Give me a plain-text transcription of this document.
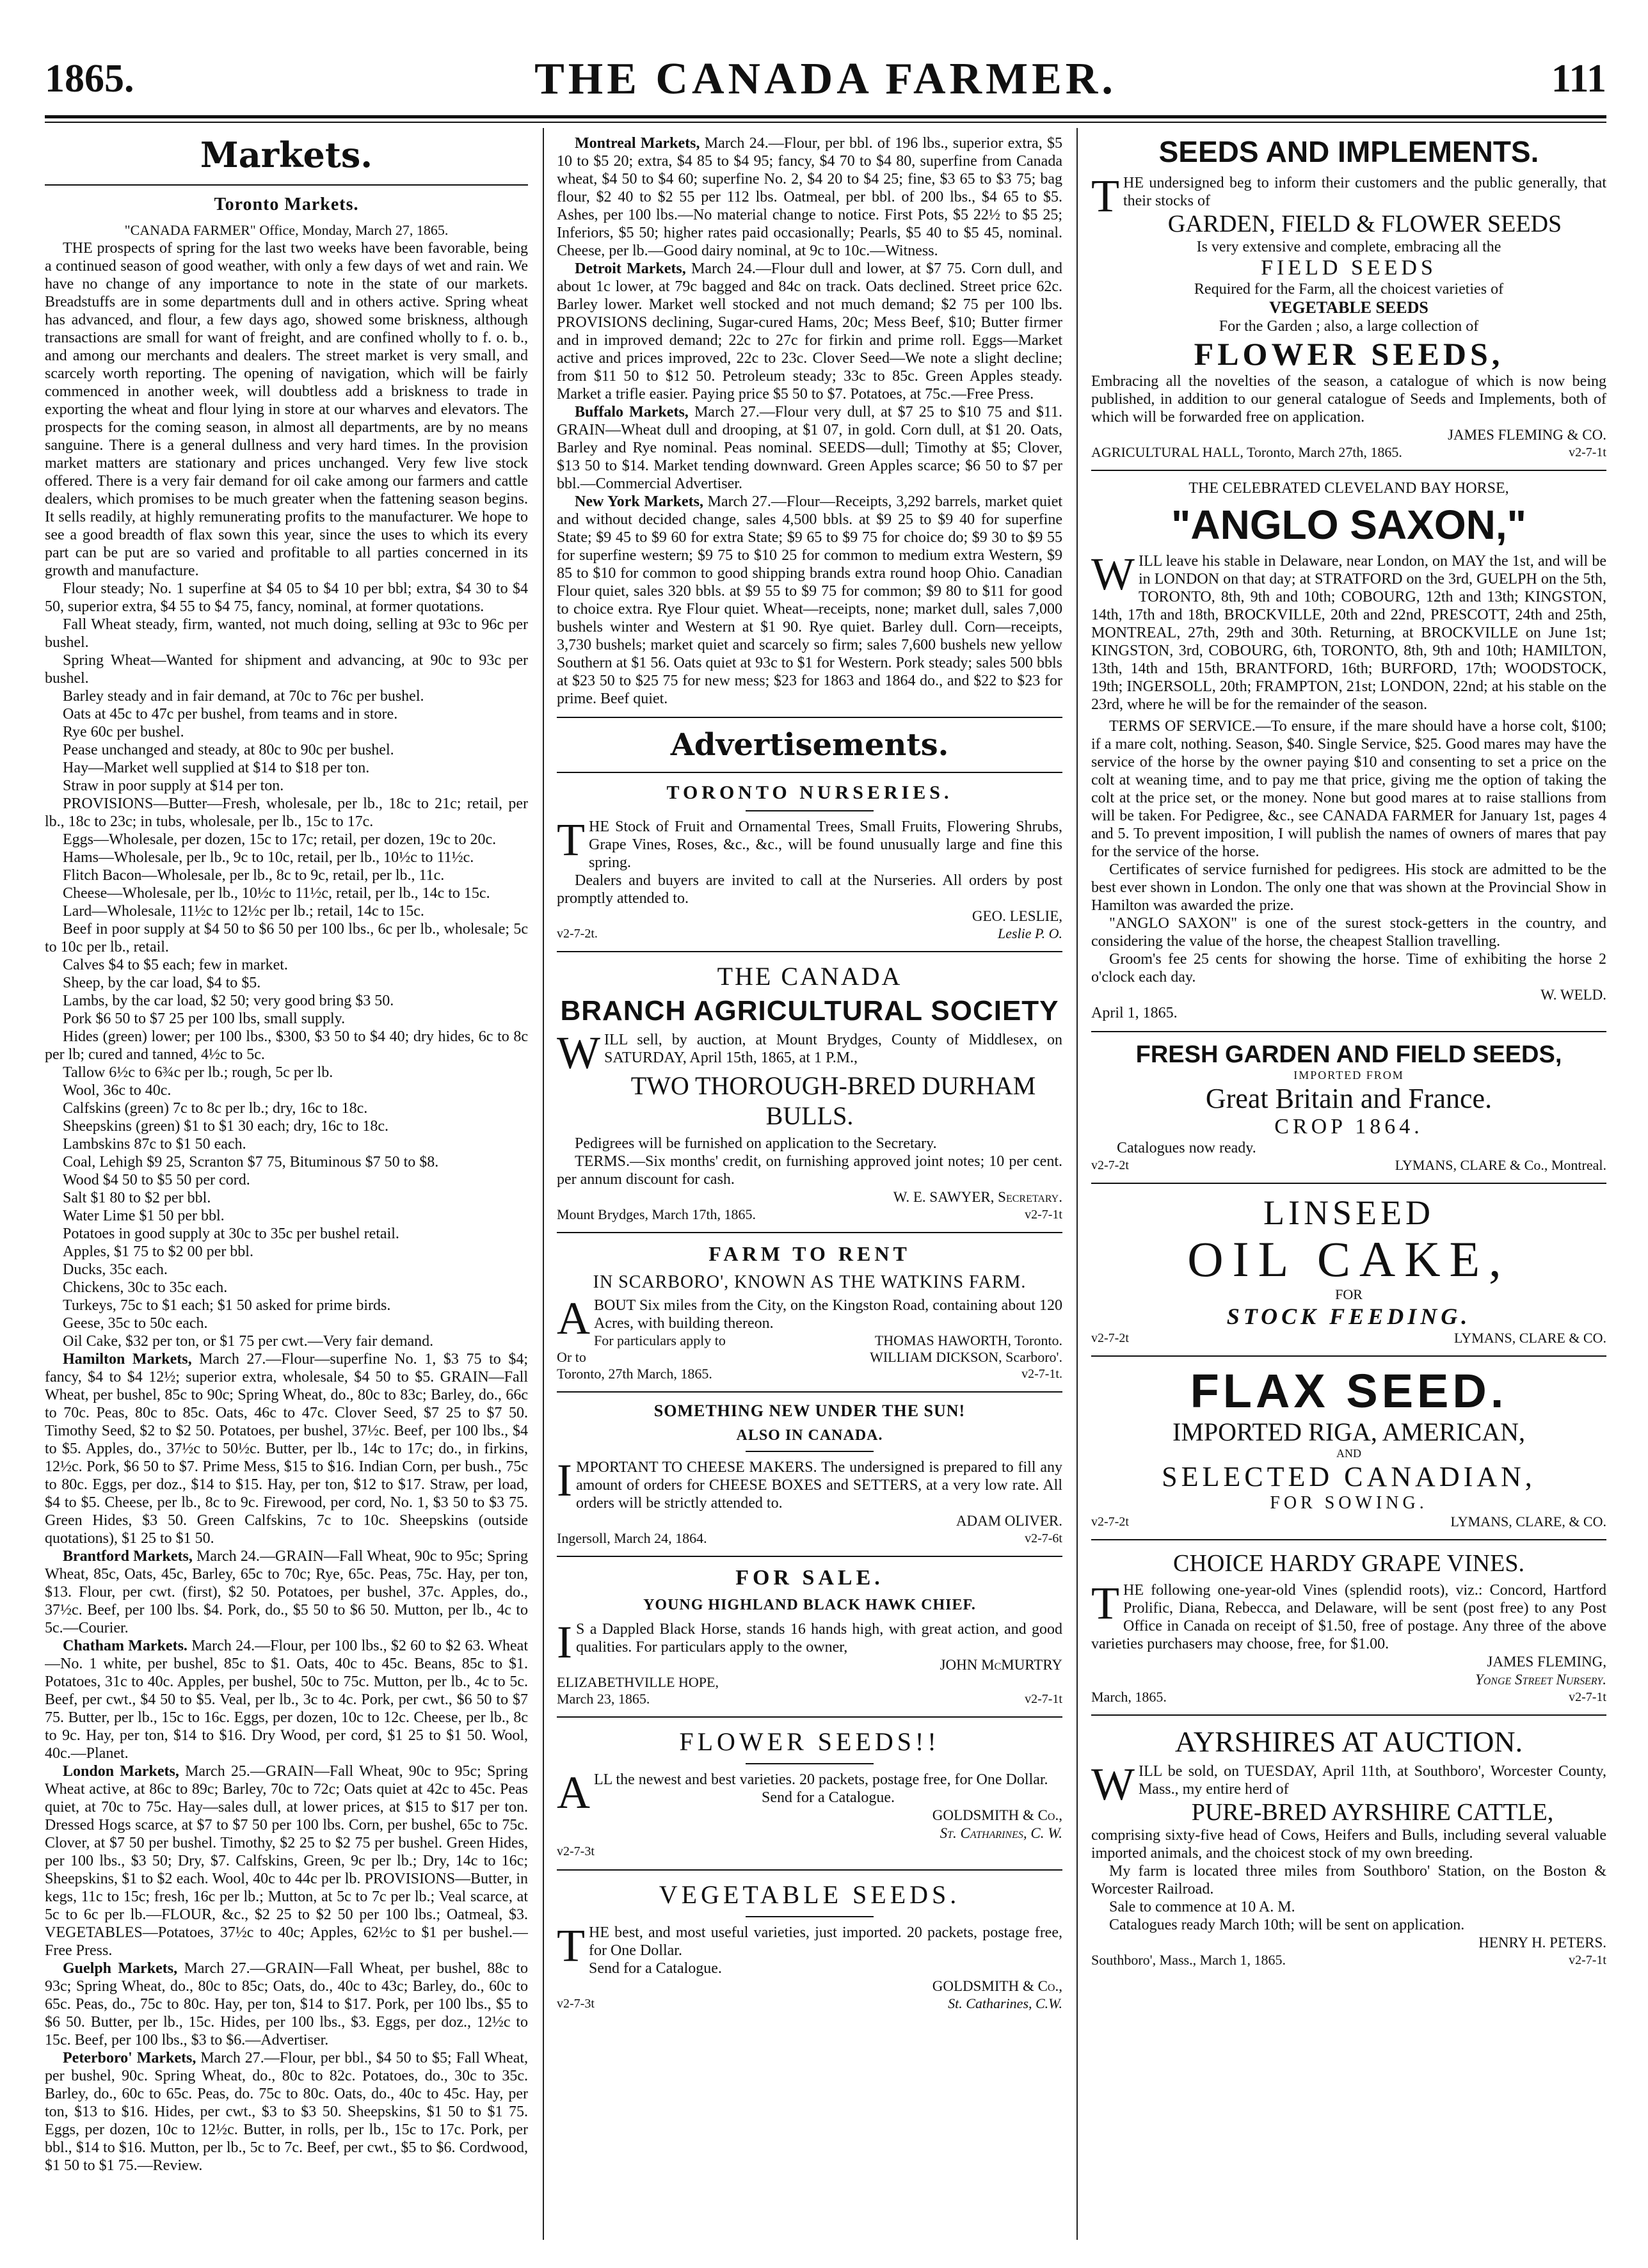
1865.	THE CANADA FARMER.	111
Markets.
Toronto Markets.

"CANADA FARMER" Office, Monday, March 27, 1865.

THE prospects of spring for the last two weeks have been favorable, being a continued season of good weather, with only a few days of wet and rain. We have no change of any importance to note in the state of our markets. Breadstuffs are in some departments dull and in others active. Spring wheat has advanced, and flour, a few days ago, showed some briskness, although transactions are small for want of freight, and are confined wholly to f. o. b., and among our merchants and dealers. The street market is very small, and scarcely worth reporting. The opening of navigation, which will be fairly commenced in another week, will doubtless add a briskness to trade in exporting the wheat and flour lying in store at our wharves and elevators. The prospects for the coming season, in almost all departments, are by no means sanguine. There is a general dullness and very hard times. In the provision market matters are stationary and prices unchanged. Very few live stock offered. There is a very fair demand for oil cake among our farmers and cattle dealers, which promises to be much greater when the fattening season begins. It sells readily, at highly remunerating profits to the manufacturer. We hope to see a good breadth of flax sown this year, since the uses to which its every part can be put are so varied and profitable to all parties concerned in its growth and manufacture.

Flour steady; No. 1 superfine at $4 05 to $4 10 per bbl; extra, $4 30 to $4 50, superior extra, $4 55 to $4 75, fancy, nominal, at former quotations.

Fall Wheat steady, firm, wanted, not much doing, selling at 93c to 96c per bushel.

Spring Wheat—Wanted for shipment and advancing, at 90c to 93c per bushel.

Barley steady and in fair demand, at 70c to 76c per bushel.

Oats at 45c to 47c per bushel, from teams and in store.

Rye 60c per bushel.

Pease unchanged and steady, at 80c to 90c per bushel.

Hay—Market well supplied at $14 to $18 per ton.

Straw in poor supply at $14 per ton.

PROVISIONS—Butter—Fresh, wholesale, per lb., 18c to 21c; retail, per lb., 18c to 23c; in tubs, wholesale, per lb., 15c to 17c.

Eggs—Wholesale, per dozen, 15c to 17c; retail, per dozen, 19c to 20c.

Hams—Wholesale, per lb., 9c to 10c, retail, per lb., 10½c to 11½c.

Flitch Bacon—Wholesale, per lb., 8c to 9c, retail, per lb., 11c.

Cheese—Wholesale, per lb., 10½c to 11½c, retail, per lb., 14c to 15c.

Lard—Wholesale, 11½c to 12½c per lb.; retail, 14c to 15c.

Beef in poor supply at $4 50 to $6 50 per 100 lbs., 6c per lb., wholesale; 5c to 10c per lb., retail.

Calves $4 to $5 each; few in market.

Sheep, by the car load, $4 to $5.

Lambs, by the car load, $2 50; very good bring $3 50.

Pork $6 50 to $7 25 per 100 lbs, small supply.

Hides (green) lower; per 100 lbs., $300, $3 50 to $4 40; dry hides, 6c to 8c per lb; cured and tanned, 4½c to 5c.

Tallow 6½c to 6¾c per lb.; rough, 5c per lb.

Wool, 36c to 40c.

Calfskins (green) 7c to 8c per lb.; dry, 16c to 18c.

Sheepskins (green) $1 to $1 30 each; dry, 16c to 18c.

Lambskins 87c to $1 50 each.

Coal, Lehigh $9 25, Scranton $7 75, Bituminous $7 50 to $8.

Wood $4 50 to $5 50 per cord.

Salt $1 80 to $2 per bbl.

Water Lime $1 50 per bbl.

Potatoes in good supply at 30c to 35c per bushel retail.

Apples, $1 75 to $2 00 per bbl.

Ducks, 35c each.

Chickens, 30c to 35c each.

Turkeys, 75c to $1 each; $1 50 asked for prime birds.

Geese, 35c to 50c each.

Oil Cake, $32 per ton, or $1 75 per cwt.—Very fair demand.

Hamilton Markets, March 27.—Flour—superfine No. 1, $3 75 to $4; fancy, $4 to $4 12½; superior extra, wholesale, $4 50 to $5. GRAIN—Fall Wheat, per bushel, 85c to 90c; Spring Wheat, do., 80c to 83c; Barley, do., 66c to 70c. Peas, 80c to 85c. Oats, 46c to 47c. Clover Seed, $7 25 to $7 50. Timothy Seed, $2 to $2 50. Potatoes, per bushel, 37½c. Beef, per 100 lbs., $4 to $5. Apples, do., 37½c to 50½c. Butter, per lb., 14c to 17c; do., in firkins, 12½c. Pork, $6 50 to $7. Prime Mess, $15 to $16. Indian Corn, per bush., 75c to 80c. Eggs, per doz., $14 to $15. Hay, per ton, $12 to $17. Straw, per load, $4 to $5. Cheese, per lb., 8c to 9c. Firewood, per cord, No. 1, $3 50 to $3 75. Green Hides, $3 50. Green Calfskins, 7c to 10c. Sheepskins (outside quotations), $1 25 to $1 50.

Brantford Markets, March 24.—GRAIN—Fall Wheat, 90c to 95c; Spring Wheat, 85c, Oats, 45c, Barley, 65c to 70c; Rye, 65c. Peas, 75c. Hay, per ton, $13. Flour, per cwt. (first), $2 50. Potatoes, per bushel, 37c. Apples, do., 37½c. Beef, per 100 lbs. $4. Pork, do., $5 50 to $6 50. Mutton, per lb., 4c to 5c.—Courier.

Chatham Markets. March 24.—Flour, per 100 lbs., $2 60 to $2 63. Wheat—No. 1 white, per bushel, 85c to $1. Oats, 40c to 45c. Beans, 85c to $1. Potatoes, 31c to 40c. Apples, per bushel, 50c to 75c. Mutton, per lb., 4c to 5c. Beef, per cwt., $4 50 to $5. Veal, per lb., 3c to 4c. Pork, per cwt., $6 50 to $7 75. Butter, per lb., 15c to 16c. Eggs, per dozen, 10c to 12c. Cheese, per lb., 8c to 9c. Hay, per ton, $14 to $16. Dry Wood, per cord, $1 25 to $1 50. Wool, 40c.—Planet.

London Markets, March 25.—GRAIN—Fall Wheat, 90c to 95c; Spring Wheat active, at 86c to 89c; Barley, 70c to 72c; Oats quiet at 42c to 45c. Peas quiet, at 70c to 75c. Hay—sales dull, at lower prices, at $15 to $17 per ton. Dressed Hogs scarce, at $7 to $7 50 per 100 lbs. Corn, per bushel, 65c to 75c. Clover, at $7 50 per bushel. Timothy, $2 25 to $2 75 per bushel. Green Hides, per 100 lbs., $3 50; Dry, $7. Calfskins, Green, 9c per lb.; Dry, 14c to 16c; Sheepskins, $1 to $2 each. Wool, 40c to 44c per lb. PROVISIONS—Butter, in kegs, 11c to 15c; fresh, 16c per lb.; Mutton, at 5c to 7c per lb.; Veal scarce, at 5c to 6c per lb.—FLOUR, &c., $2 25 to $2 50 per 100 lbs.; Oatmeal, $3. VEGETABLES—Potatoes, 37½c to 40c; Apples, 62½c to $1 per bushel.—Free Press.

Guelph Markets, March 27.—GRAIN—Fall Wheat, per bushel, 88c to 93c; Spring Wheat, do., 80c to 85c; Oats, do., 40c to 43c; Barley, do., 60c to 65c. Peas, do., 75c to 80c. Hay, per ton, $14 to $17. Pork, per 100 lbs., $5 to $6 50. Butter, per lb., 15c. Hides, per 100 lbs., $3. Eggs, per doz., 12½c to 15c. Beef, per 100 lbs., $3 to $6.—Advertiser.

Peterboro' Markets, March 27.—Flour, per bbl., $4 50 to $5; Fall Wheat, per bushel, 90c. Spring Wheat, do., 80c to 82c. Potatoes, do., 30c to 35c. Barley, do., 60c to 65c. Peas, do. 75c to 80c. Oats, do., 40c to 45c. Hay, per ton, $13 to $16. Hides, per cwt., $3 to $3 50. Sheepskins, $1 50 to $1 75. Eggs, per dozen, 10c to 12½c. Butter, in rolls, per lb., 15c to 17c. Pork, per bbl., $14 to $16. Mutton, per lb., 5c to 7c. Beef, per cwt., $5 to $6. Cordwood, $1 50 to $1 75.—Review.

Montreal Markets, March 24.—Flour, per bbl. of 196 lbs., superior extra, $5 10 to $5 20; extra, $4 85 to $4 95; fancy, $4 70 to $4 80, superfine from Canada wheat, $4 50 to $4 60; superfine No. 2, $4 20 to $4 25; fine, $3 65 to $3 75; bag flour, $2 40 to $2 55 per 112 lbs. Oatmeal, per bbl. of 200 lbs., $4 65 to $5. Ashes, per 100 lbs.—No material change to notice. First Pots, $5 22½ to $5 25; Inferiors, $5 50; higher rates paid occasionally; Pearls, $5 40 to $5 45, nominal. Cheese, per lb.—Good dairy nominal, at 9c to 10c.—Witness.

Detroit Markets, March 24.—Flour dull and lower, at $7 75. Corn dull, and about 1c lower, at 79c bagged and 84c on track. Oats declined. Street price 62c. Barley lower. Market well stocked and not much demand; $2 75 per 100 lbs. PROVISIONS declining, Sugar-cured Hams, 20c; Mess Beef, $10; Butter firmer and in improved demand; 22c to 27c for firkin and prime roll. Eggs—Market active and prices improved, 22c to 23c. Clover Seed—We note a slight decline; from $11 50 to $12 50. Petroleum steady; 33c to 85c. Green Apples steady. Market a trifle easier. Paying price $5 50 to $7. Potatoes, at 75c.—Free Press.

Buffalo Markets, March 27.—Flour very dull, at $7 25 to $10 75 and $11. GRAIN—Wheat dull and drooping, at $1 07, in gold. Corn dull, at $1 20. Oats, Barley and Rye nominal. Peas nominal. SEEDS—dull; Timothy at $5; Clover, $13 50 to $14. Market tending downward. Green Apples scarce; $6 50 to $7 per bbl.—Commercial Advertiser.

New York Markets, March 27.—Flour—Receipts, 3,292 barrels, market quiet and without decided change, sales 4,500 bbls. at $9 25 to $9 40 for superfine State; $9 45 to $9 60 for extra State; $9 65 to $9 75 for choice do; $9 30 to $9 55 for superfine western; $9 75 to $10 25 for common to medium extra Western, $9 85 to $10 for common to good shipping brands extra round hoop Ohio. Canadian Flour quiet, sales 320 bbls. at $9 55 to $9 75 for common; $9 80 to $11 for good to choice extra. Rye Flour quiet. Wheat—receipts, none; market dull, sales 7,000 bushels winter and Western at $1 90. Rye quiet. Barley dull. Corn—receipts, 3,730 bushels; market quiet and scarcely so firm; sales 7,600 bushels new yellow Southern at $1 56. Oats quiet at 93c to $1 for Western. Pork steady; sales 500 bbls at $23 50 to $25 75 for new mess; $23 for 1863 and 1864 do., and $22 to $23 for prime. Beef quiet.

Advertisements.
TORONTO NURSERIES.

THE Stock of Fruit and Ornamental Trees, Small Fruits, Flowering Shrubs, Grape Vines, Roses, &c., &c., will be found unusually large and fine this spring.

Dealers and buyers are invited to call at the Nurseries. All orders by post promptly attended to.

GEO. LESLIE,

v2-7-2t.	Leslie P. O.
THE CANADA
BRANCH AGRICULTURAL SOCIETY

WILL sell, by auction, at Mount Brydges, County of Middlesex, on SATURDAY, April 15th, 1865, at 1 P.M.,

TWO THOROUGH-BRED DURHAM BULLS.

Pedigrees will be furnished on application to the Secretary.

TERMS.—Six months' credit, on furnishing approved joint notes; 10 per cent. per annum discount for cash.

W. E. SAWYER, Secretary.

Mount Brydges, March 17th, 1865.	v2-7-1t
FARM TO RENT
IN SCARBORO', KNOWN AS THE WATKINS FARM.

ABOUT Six miles from the City, on the Kingston Road, containing about 120 Acres, with building thereon.

For particulars apply to	THOMAS HAWORTH, Toronto.
Or to	WILLIAM DICKSON, Scarboro'.
Toronto, 27th March, 1865.	v2-7-1t.
SOMETHING NEW UNDER THE SUN!
ALSO IN CANADA.

IMPORTANT TO CHEESE MAKERS. The undersigned is prepared to fill any amount of orders for CHEESE BOXES and SETTERS, at a very low rate. All orders will be strictly attended to.

ADAM OLIVER.

Ingersoll, March 24, 1864.	v2-7-6t
FOR SALE.
YOUNG HIGHLAND BLACK HAWK CHIEF.

I S a Dappled Black Horse, stands 16 hands high, with great action, and good qualities. For particulars apply to the owner,

JOHN McMURTRY

ELIZABETHVILLE HOPE,
March 23, 1865.	v2-7-1t
FLOWER SEEDS!!

ALL the newest and best varieties. 20 packets, postage free, for One Dollar.

Send for a Catalogue.

GOLDSMITH & Co.,

St. Catharines, C. W.

v2-7-3t

VEGETABLE SEEDS.

THE best, and most useful varieties, just imported. 20 packets, postage free, for One Dollar.

Send for a Catalogue.

GOLDSMITH & Co.,

v2-7-3t	St. Catharines, C.W.
SEEDS AND IMPLEMENTS.

THE undersigned beg to inform their customers and the public generally, that their stocks of

GARDEN, FIELD & FLOWER SEEDS

Is very extensive and complete, embracing all the

FIELD SEEDS

Required for the Farm, all the choicest varieties of

VEGETABLE SEEDS

For the Garden ; also, a large collection of

FLOWER SEEDS,

Embracing all the novelties of the season, a catalogue of which is now being published, in addition to our general catalogue of Seeds and Implements, both of which will be forwarded free on application.

JAMES FLEMING & CO.

AGRICULTURAL HALL, Toronto, March 27th, 1865.	v2-7-1t
THE CELEBRATED CLEVELAND BAY HORSE,
"ANGLO SAXON,"

WILL leave his stable in Delaware, near London, on MAY the 1st, and will be in LONDON on that day; at STRATFORD on the 3rd, GUELPH on the 5th, TORONTO, 8th, 9th and 10th; COBOURG, 12th and 13th; KINGSTON, 14th, 17th and 18th, BROCKVILLE, 20th and 22nd, PRESCOTT, 24th and 25th, MONTREAL, 27th, 29th and 30th. Returning, at BROCKVILLE on June 1st; KINGSTON, 3rd, COBOURG, 6th, TORONTO, 8th, 9th and 10th; HAMILTON, 13th, 14th and 15th, BRANTFORD, 16th; BURFORD, 17th; WOODSTOCK, 19th; INGERSOLL, 20th; FRAMPTON, 21st; LONDON, 22nd; at his stable on the 23rd, where he will be for the remainder of the season.

TERMS OF SERVICE.—To ensure, if the mare should have a horse colt, $100; if a mare colt, nothing. Season, $40. Single Service, $25. Good mares may have the service of the horse by the owner paying $10 and consenting to set a price on the colt at weaning time, and to pay me that price, giving me the option of taking the colt at the price set, or the money. None but good mares at to raise stallions from will be taken. For Pedigree, &c., see CANADA FARMER for January 1st, pages 4 and 5. To prevent imposition, I will publish the names of owners of mares that pay for the service of the horse.

Certificates of service furnished for pedigrees. His stock are admitted to be the best ever shown in London. The only one that was shown at the Provincial Show in Hamilton was awarded the prize.

"ANGLO SAXON" is one of the surest stock-getters in the country, and considering the value of the horse, the cheapest Stallion travelling.

Groom's fee 25 cents for showing the horse. Time of exhibiting the horse 2 o'clock each day.

W. WELD.

April 1, 1865.

FRESH GARDEN AND FIELD SEEDS,
IMPORTED FROM
Great Britain and France.
CROP 1864.

Catalogues now ready.

v2-7-2t	LYMANS, CLARE & Co., Montreal.
LINSEED
OIL CAKE,
FOR
STOCK FEEDING.
v2-7-2t	LYMANS, CLARE & CO.
FLAX SEED.
IMPORTED RIGA, AMERICAN,
AND
SELECTED CANADIAN,
FOR SOWING.
v2-7-2t	LYMANS, CLARE, & CO.
CHOICE HARDY GRAPE VINES.

THE following one-year-old Vines (splendid roots), viz.: Concord, Hartford Prolific, Diana, Rebecca, and Delaware, will be sent (post free) to any Post Office in Canada on receipt of $1.50, free of postage. Any three of the above varieties purchasers may choose, free, for $1.00.

JAMES FLEMING,

Yonge Street Nursery.

March, 1865.	v2-7-1t
AYRSHIRES AT AUCTION.

WILL be sold, on TUESDAY, April 11th, at Southboro', Worcester County, Mass., my entire herd of

PURE-BRED AYRSHIRE CATTLE,

comprising sixty-five head of Cows, Heifers and Bulls, including several valuable imported animals, and the choicest stock of my own breeding.

My farm is located three miles from Southboro' Station, on the Boston & Worcester Railroad.

Sale to commence at 10 A. M.

Catalogues ready March 10th; will be sent on application.

HENRY H. PETERS.

Southboro', Mass., March 1, 1865.	v2-7-1t
